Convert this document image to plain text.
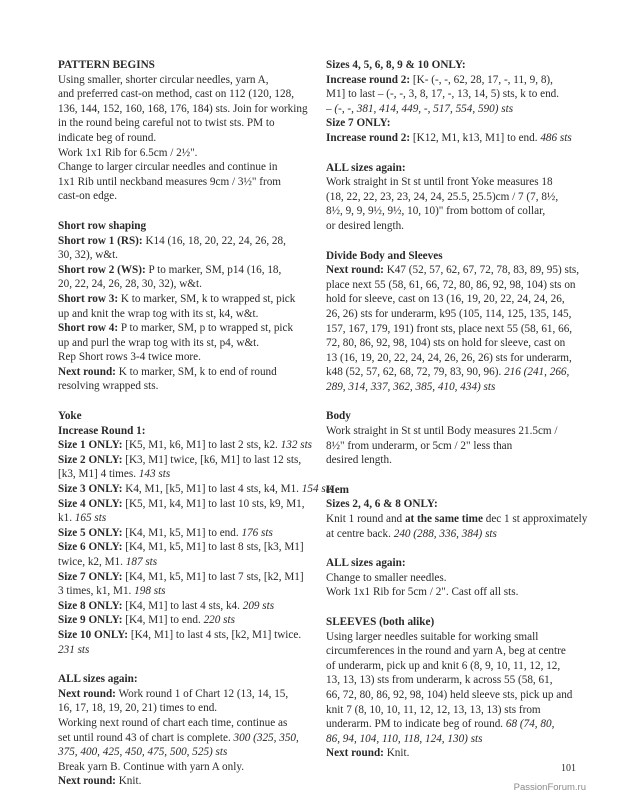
PATTERN BEGINS

Using smaller, shorter circular needles, yarn A,

and preferred cast-on method, cast on 112 (120, 128,

136, 144, 152, 160, 168, 176, 184) sts. Join for working

in the round being careful not to twist sts. PM to

indicate beg of round.

Work 1x1 Rib for 6.5cm / 2½".

Change to larger circular needles and continue in

1x1 Rib until neckband measures 9cm / 3½" from

cast-on edge.

Short row shaping

Short row 1 (RS): K14 (16, 18, 20, 22, 24, 26, 28,

30, 32), w&t.

Short row 2 (WS): P to marker, SM, p14 (16, 18,

20, 22, 24, 26, 28, 30, 32), w&t.

Short row 3: K to marker, SM, k to wrapped st, pick

up and knit the wrap tog with its st, k4, w&t.

Short row 4: P to marker, SM, p to wrapped st, pick

up and purl the wrap tog with its st, p4, w&t.

Rep Short rows 3-4 twice more.

Next round: K to marker, SM, k to end of round

resolving wrapped sts.

Yoke

Increase Round 1:

Size 1 ONLY: [K5, M1, k6, M1] to last 2 sts, k2. 132 sts

Size 2 ONLY: [K3, M1] twice, [k6, M1] to last 12 sts,

[k3, M1] 4 times. 143 sts

Size 3 ONLY: K4, M1, [k5, M1] to last 4 sts, k4, M1. 154 sts

Size 4 ONLY: [K5, M1, k4, M1] to last 10 sts, k9, M1,

k1. 165 sts

Size 5 ONLY: [K4, M1, k5, M1] to end. 176 sts

Size 6 ONLY: [K4, M1, k5, M1] to last 8 sts, [k3, M1]

twice, k2, M1. 187 sts

Size 7 ONLY: [K4, M1, k5, M1] to last 7 sts, [k2, M1]

3 times, k1, M1. 198 sts

Size 8 ONLY: [K4, M1] to last 4 sts, k4. 209 sts

Size 9 ONLY: [K4, M1] to end. 220 sts

Size 10 ONLY: [K4, M1] to last 4 sts, [k2, M1] twice.

231 sts

ALL sizes again:

Next round: Work round 1 of Chart 12 (13, 14, 15,

16, 17, 18, 19, 20, 21) times to end.

Working next round of chart each time, continue as

set until round 43 of chart is complete. 300 (325, 350,

375, 400, 425, 450, 475, 500, 525) sts

Break yarn B. Continue with yarn A only.

Next round: Knit.

Sizes 4, 5, 6, 8, 9 & 10 ONLY:

Increase round 2: [K- (-, -, 62, 28, 17, -, 11, 9, 8),

M1] to last – (-, -, 3, 8, 17, -, 13, 14, 5) sts, k to end.

– (-, -, 381, 414, 449, -, 517, 554, 590) sts

Size 7 ONLY:

Increase round 2: [K12, M1, k13, M1] to end. 486 sts

ALL sizes again:

Work straight in St st until front Yoke measures 18

(18, 22, 22, 23, 23, 24, 24, 25.5, 25.5)cm / 7 (7, 8½,

8½, 9, 9, 9½, 9½, 10, 10)" from bottom of collar,

or desired length.

Divide Body and Sleeves

Next round: K47 (52, 57, 62, 67, 72, 78, 83, 89, 95) sts,

place next 55 (58, 61, 66, 72, 80, 86, 92, 98, 104) sts on

hold for sleeve, cast on 13 (16, 19, 20, 22, 24, 24, 26,

26, 26) sts for underarm, k95 (105, 114, 125, 135, 145,

157, 167, 179, 191) front sts, place next 55 (58, 61, 66,

72, 80, 86, 92, 98, 104) sts on hold for sleeve, cast on

13 (16, 19, 20, 22, 24, 24, 26, 26, 26) sts for underarm,

k48 (52, 57, 62, 68, 72, 79, 83, 90, 96). 216 (241, 266,

289, 314, 337, 362, 385, 410, 434) sts

Body

Work straight in St st until Body measures 21.5cm /

8½" from underarm, or 5cm / 2" less than

desired length.

Hem

Sizes 2, 4, 6 & 8 ONLY:

Knit 1 round and at the same time dec 1 st approximately

at centre back. 240 (288, 336, 384) sts

ALL sizes again:

Change to smaller needles.

Work 1x1 Rib for 5cm / 2". Cast off all sts.

SLEEVES (both alike)

Using larger needles suitable for working small

circumferences in the round and yarn A, beg at centre

of underarm, pick up and knit 6 (8, 9, 10, 11, 12, 12,

13, 13, 13) sts from underarm, k across 55 (58, 61,

66, 72, 80, 86, 92, 98, 104) held sleeve sts, pick up and

knit 7 (8, 10, 10, 11, 12, 12, 13, 13, 13) sts from

underarm. PM to indicate beg of round. 68 (74, 80,

86, 94, 104, 110, 118, 124, 130) sts

Next round: Knit.

101
PassionForum.ru
